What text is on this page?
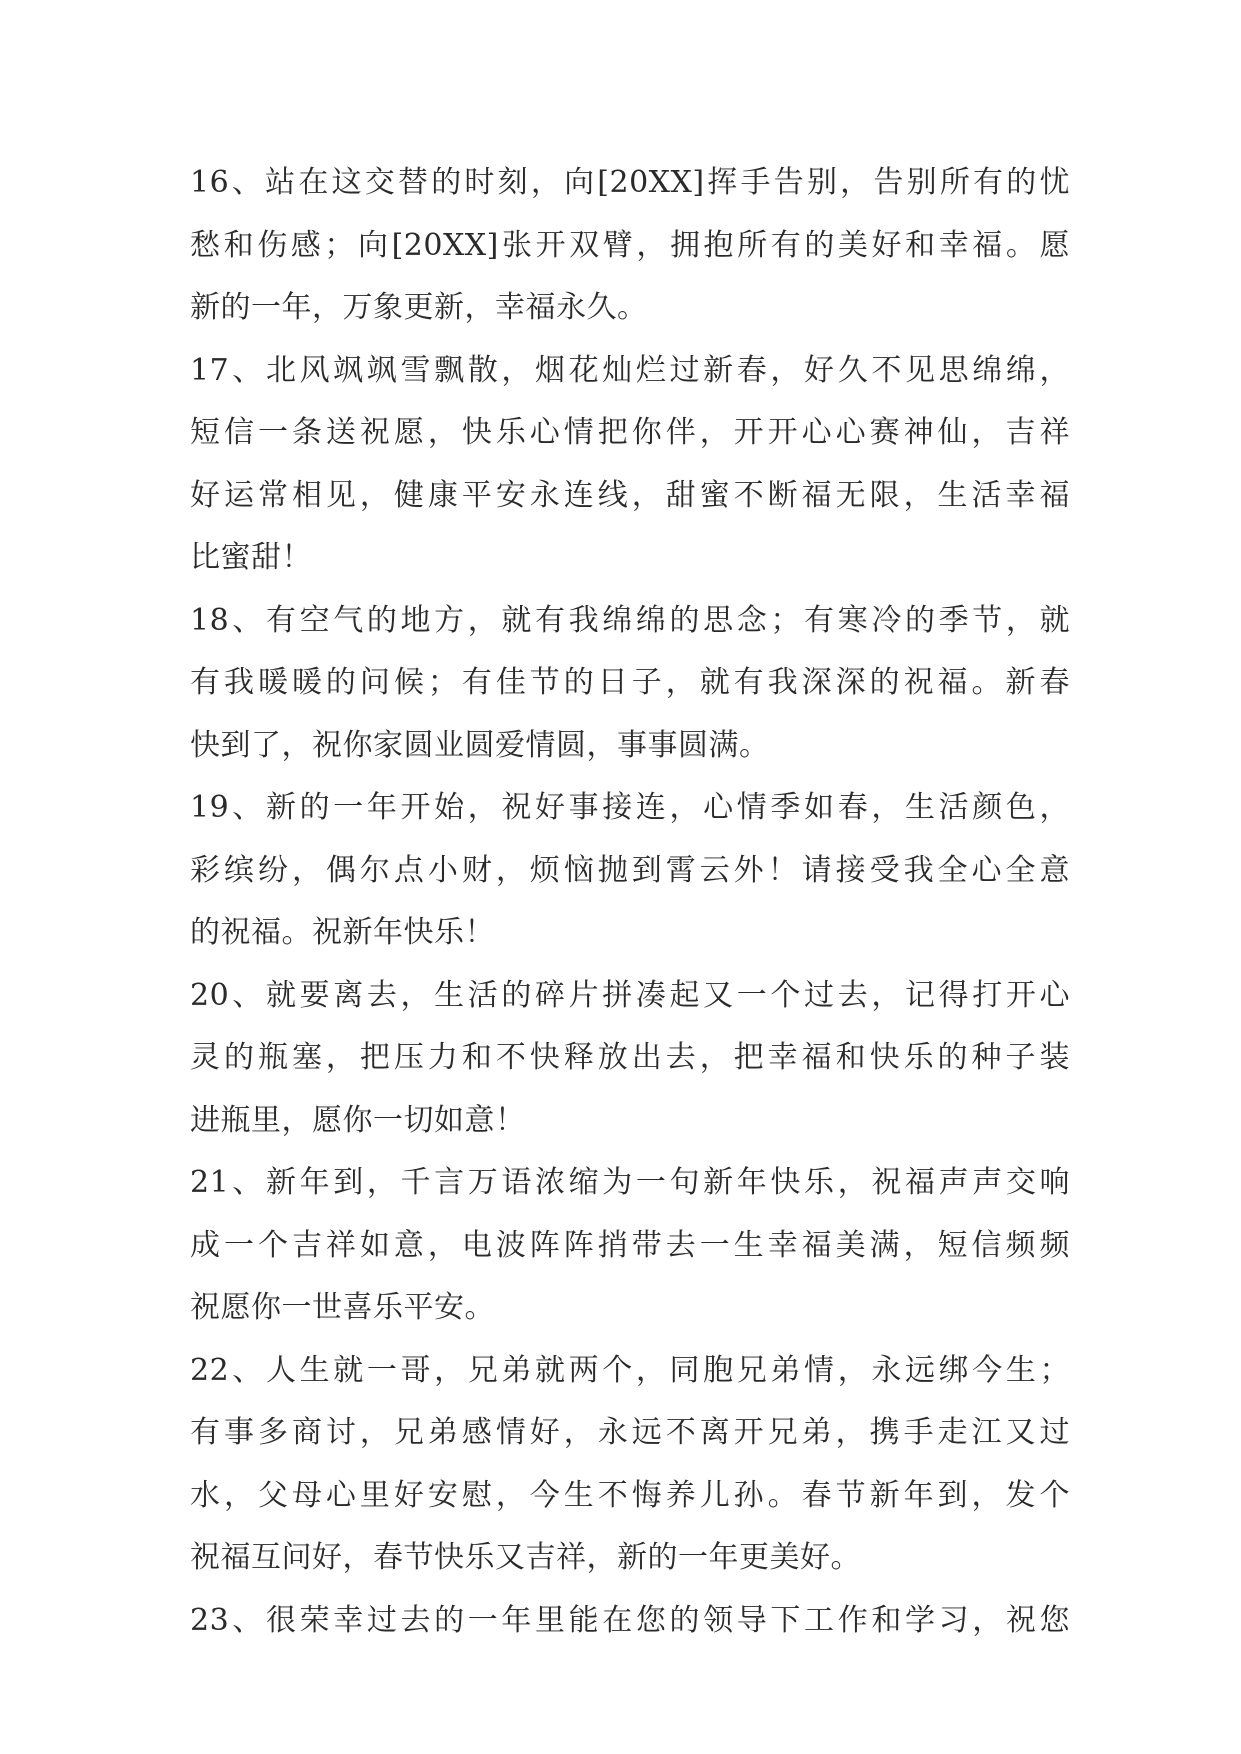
16、站在这交替的时刻，向[20XX]挥手告别，告别所有的忧
愁和伤感；向[20XX]张开双臂，拥抱所有的美好和幸福。愿
新的一年，万象更新，幸福永久。
17、北风飒飒雪飘散，烟花灿烂过新春，好久不见思绵绵，
短信一条送祝愿，快乐心情把你伴，开开心心赛神仙，吉祥
好运常相见，健康平安永连线，甜蜜不断福无限，生活幸福
比蜜甜！
18、有空气的地方，就有我绵绵的思念；有寒冷的季节，就
有我暖暖的问候；有佳节的日子，就有我深深的祝福。新春
快到了，祝你家圆业圆爱情圆，事事圆满。
19、新的一年开始，祝好事接连，心情季如春，生活颜色，
彩缤纷，偶尔点小财，烦恼抛到霄云外！请接受我全心全意
的祝福。祝新年快乐！
20、就要离去，生活的碎片拼凑起又一个过去，记得打开心
灵的瓶塞，把压力和不快释放出去，把幸福和快乐的种子装
进瓶里，愿你一切如意！
21、新年到，千言万语浓缩为一句新年快乐，祝福声声交响
成一个吉祥如意，电波阵阵捎带去一生幸福美满，短信频频
祝愿你一世喜乐平安。
22、人生就一哥，兄弟就两个，同胞兄弟情，永远绑今生；
有事多商讨，兄弟感情好，永远不离开兄弟，携手走江又过
水，父母心里好安慰，今生不悔养儿孙。春节新年到，发个
祝福互问好，春节快乐又吉祥，新的一年更美好。
23、很荣幸过去的一年里能在您的领导下工作和学习，祝您
